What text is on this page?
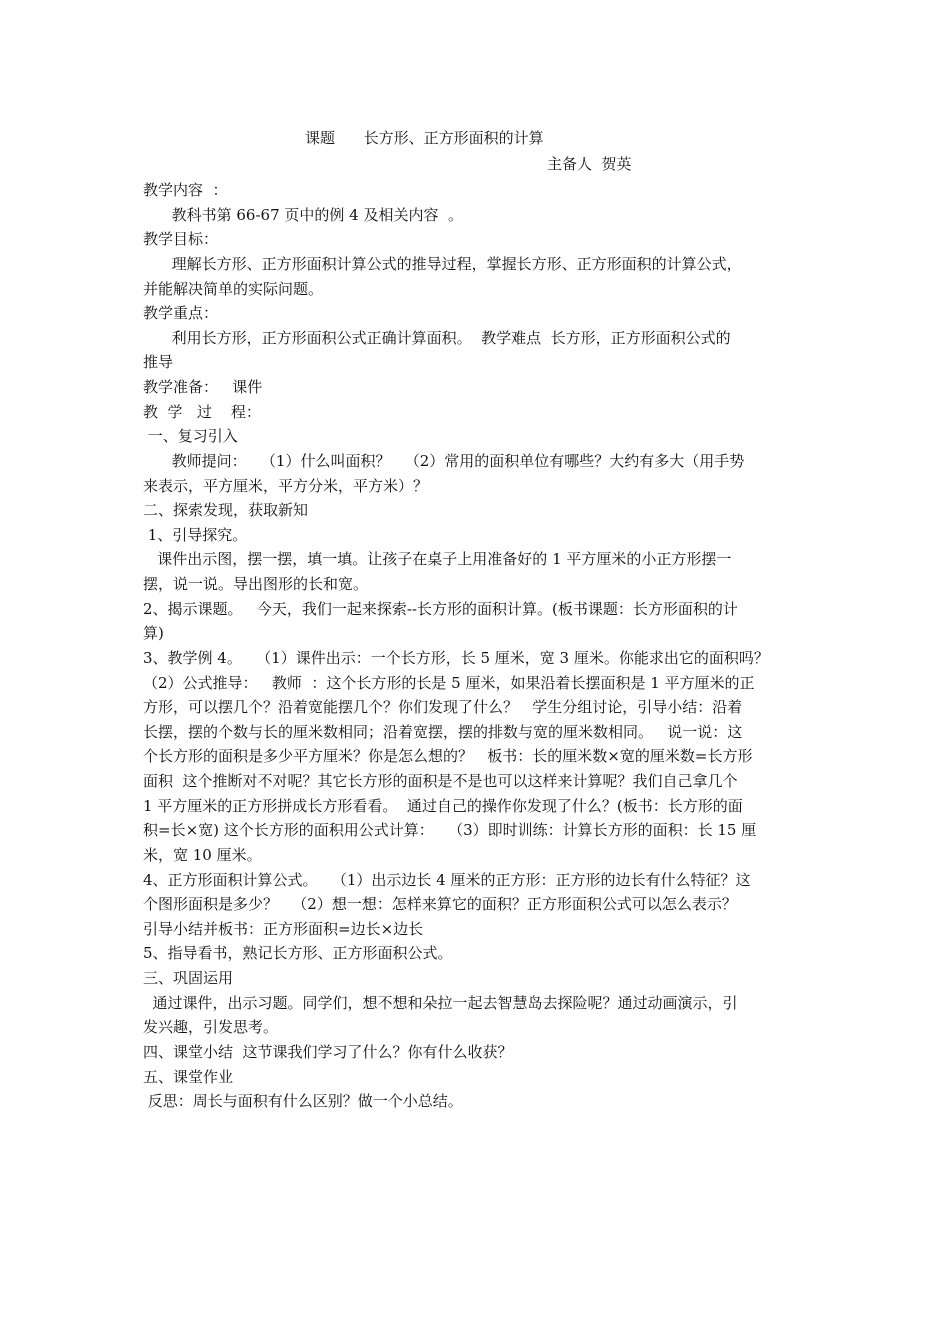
课题      长方形、正方形面积的计算
主备人  贺英
教学内容  ：
教科书第 66-67 页中的例 4 及相关内容  。
教学目标：
理解长方形、正方形面积计算公式的推导过程，掌握长方形、正方形面积的计算公式，
并能解决简单的实际问题。
教学重点：
利用长方形，正方形面积公式正确计算面积。  教学难点  长方形，正方形面积公式的
推导
教学准备：   课件
教  学   过    程：
一、复习引入
教师提问：   （1）什么叫面积？   （2）常用的面积单位有哪些？大约有多大（用手势
来表示，平方厘米，平方分米，平方米）？
二、探索发现，获取新知
1、引导探究。
课件出示图，摆一摆，填一填。让孩子在桌子上用准备好的 1 平方厘米的小正方形摆一
摆，说一说。导出图形的长和宽。
2、揭示课题。   今天，我们一起来探索--长方形的面积计算。(板书课题：长方形面积的计
算)
3、教学例 4。   （1）课件出示：一个长方形，长 5 厘米，宽 3 厘米。你能求出它的面积吗？
（2）公式推导：   教师  ：这个长方形的长是 5 厘米，如果沿着长摆面积是 1 平方厘米的正
方形，可以摆几个？沿着宽能摆几个？你们发现了什么？   学生分组讨论，引导小结：沿着
长摆，摆的个数与长的厘米数相同；沿着宽摆，摆的排数与宽的厘米数相同。   说一说：这
个长方形的面积是多少平方厘米？你是怎么想的？   板书：长的厘米数×宽的厘米数=长方形
面积  这个推断对不对呢？其它长方形的面积是不是也可以这样来计算呢？我们自己拿几个
1 平方厘米的正方形拼成长方形看看。  通过自己的操作你发现了什么？(板书：长方形的面
积=长×宽) 这个长方形的面积用公式计算：   （3）即时训练：计算长方形的面积：长 15 厘
米，宽 10 厘米。
4、正方形面积计算公式。   （1）出示边长 4 厘米的正方形：正方形的边长有什么特征？这
个图形面积是多少？   （2）想一想：怎样来算它的面积？正方形面积公式可以怎么表示？
引导小结并板书：正方形面积=边长×边长
5、指导看书，熟记长方形、正方形面积公式。
三、巩固运用
通过课件，出示习题。同学们，想不想和朵拉一起去智慧岛去探险呢？通过动画演示，引
发兴趣，引发思考。
四、课堂小结  这节课我们学习了什么？你有什么收获？
五、课堂作业
反思：周长与面积有什么区别？做一个小总结。
